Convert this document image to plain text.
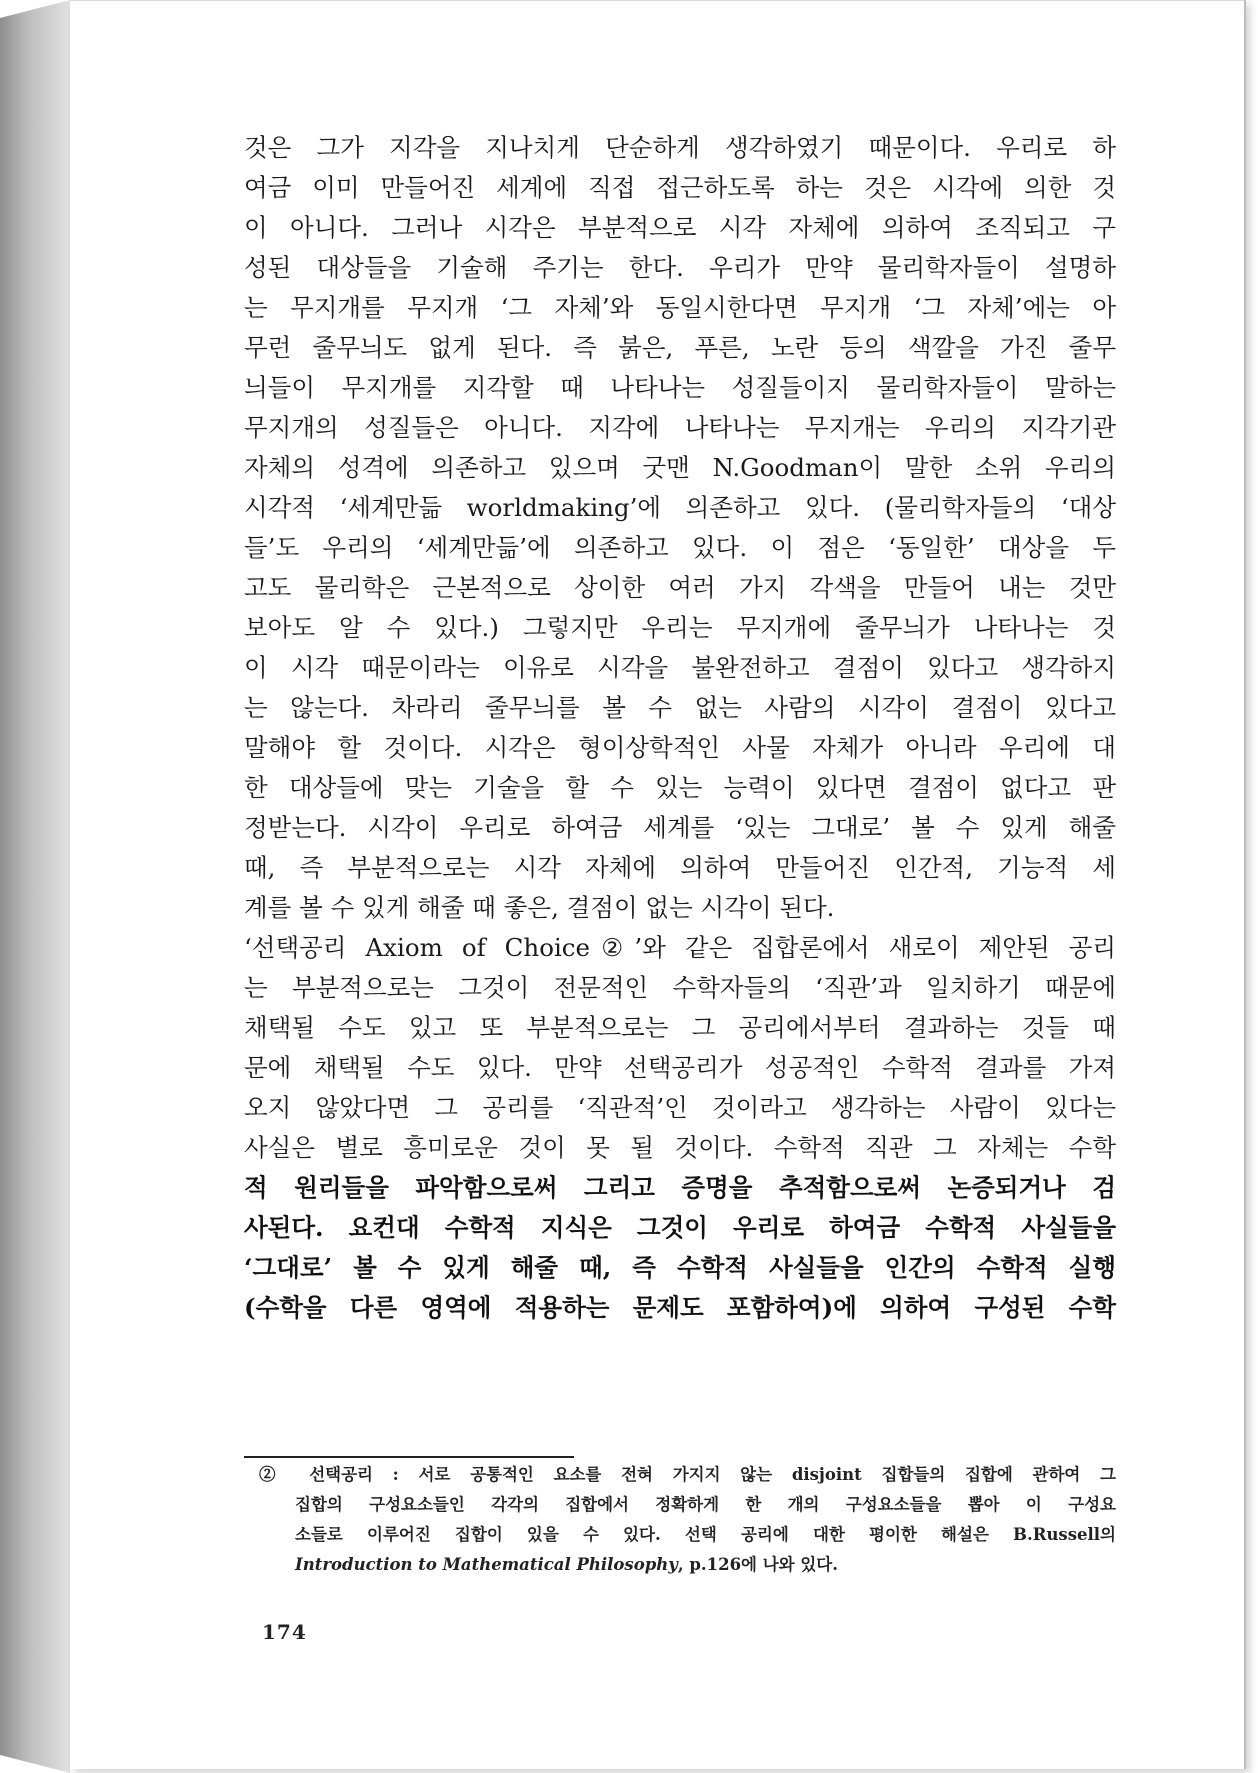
것은 그가 지각을 지나치게 단순하게 생각하였기 때문이다. 우리로 하
여금 이미 만들어진 세계에 직접 접근하도록 하는 것은 시각에 의한 것
이 아니다. 그러나 시각은 부분적으로 시각 자체에 의하여 조직되고 구
성된 대상들을 기술해 주기는 한다. 우리가 만약 물리학자들이 설명하
는 무지개를 무지개 ‘그 자체’와 동일시한다면 무지개 ‘그 자체’에는 아
무런 줄무늬도 없게 된다. 즉 붉은, 푸른, 노란 등의 색깔을 가진 줄무
늬들이 무지개를 지각할 때 나타나는 성질들이지 물리학자들이 말하는
무지개의 성질들은 아니다. 지각에 나타나는 무지개는 우리의 지각기관
자체의 성격에 의존하고 있으며 굿맨 N.Goodman이 말한 소위 우리의
시각적 ‘세계만듦 worldmaking’에 의존하고 있다. (물리학자들의 ‘대상
들’도 우리의 ‘세계만듦’에 의존하고 있다. 이 점은 ‘동일한’ 대상을 두
고도 물리학은 근본적으로 상이한 여러 가지 각색을 만들어 내는 것만
보아도 알 수 있다.) 그렇지만 우리는 무지개에 줄무늬가 나타나는 것
이 시각 때문이라는 이유로 시각을 불완전하고 결점이 있다고 생각하지
는 않는다. 차라리 줄무늬를 볼 수 없는 사람의 시각이 결점이 있다고
말해야 할 것이다. 시각은 형이상학적인 사물 자체가 아니라 우리에 대
한 대상들에 맞는 기술을 할 수 있는 능력이 있다면 결점이 없다고 판
정받는다. 시각이 우리로 하여금 세계를 ‘있는 그대로’ 볼 수 있게 해줄
때, 즉 부분적으로는 시각 자체에 의하여 만들어진 인간적, 기능적 세
계를 볼 수 있게 해줄 때 좋은, 결점이 없는 시각이 된다.
‘선택공리 Axiom of Choice②’와 같은 집합론에서 새로이 제안된 공리
는 부분적으로는 그것이 전문적인 수학자들의 ‘직관’과 일치하기 때문에
채택될 수도 있고 또 부분적으로는 그 공리에서부터 결과하는 것들 때
문에 채택될 수도 있다. 만약 선택공리가 성공적인 수학적 결과를 가져
오지 않았다면 그 공리를 ‘직관적’인 것이라고 생각하는 사람이 있다는
사실은 별로 흥미로운 것이 못 될 것이다. 수학적 직관 그 자체는 수학
적 원리들을 파악함으로써 그리고 증명을 추적함으로써 논증되거나 검
사된다. 요컨대 수학적 지식은 그것이 우리로 하여금 수학적 사실들을
‘그대로’ 볼 수 있게 해줄 때, 즉 수학적 사실들을 인간의 수학적 실행
(수학을 다른 영역에 적용하는 문제도 포함하여)에 의하여 구성된 수학
② 선택공리 : 서로 공통적인 요소를 전혀 가지지 않는 disjoint 집합들의 집합에 관하여 그
집합의 구성요소들인 각각의 집합에서 정확하게 한 개의 구성요소들을 뽑아 이 구성요
소들로 이루어진 집합이 있을 수 있다. 선택 공리에 대한 평이한 해설은 B.Russell의
Introduction to Mathematical Philosophy, p.126에 나와 있다.
174
